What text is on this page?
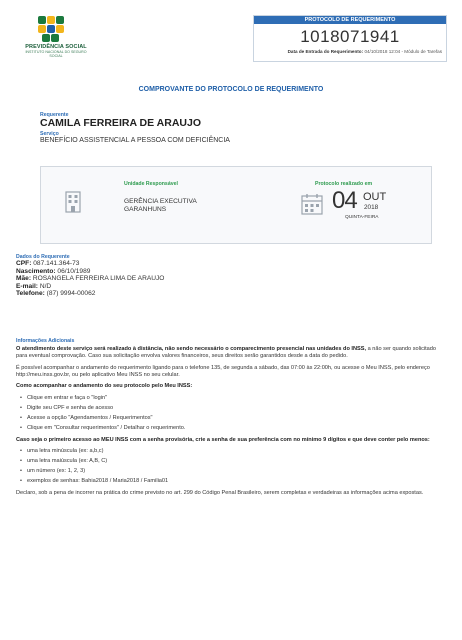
PREVIDÊNCIA SOCIAL
INSTITUTO NACIONAL DO SEGURO SOCIAL
PROTOCOLO DE REQUERIMENTO
1018071941
Data de Entrada do Requerimento: 04/10/2018 12:04 - Módulo de Tarefas
COMPROVANTE DO PROTOCOLO DE REQUERIMENTO
Requerente
CAMILA FERREIRA DE ARAUJO
Serviço
BENEFÍCIO ASSISTENCIAL A PESSOA COM DEFICIÊNCIA
Unidade Responsável
GERÊNCIA EXECUTIVA
GARANHUNS
Protocolo realizado em
04 OUT
2018
QUINTA-FEIRA
Dados do Requerente
CPF: 087.141.364-73
Nascimento: 06/10/1989
Mãe: ROSANGELA FERREIRA LIMA DE ARAUJO
E-mail: N/D
Telefone: (87) 9994-00062
Informações Adicionais

O atendimento deste serviço será realizado à distância, não sendo necessário o comparecimento presencial nas unidades do INSS, a não ser quando solicitado para eventual comprovação. Caso sua solicitação envolva valores financeiros, seus direitos serão garantidos desde a data do pedido.

É possível acompanhar o andamento do requerimento ligando para o telefone 135, de segunda a sábado, das 07:00 às 22:00h, ou acesse o Meu INSS, pelo endereço http://meu.inss.gov.br, ou pelo aplicativo Meu INSS no seu celular.

Como acompanhar o andamento do seu protocolo pelo Meu INSS:

• Clique em entrar e faça o "login"
• Digite seu CPF e senha de acesso
• Acesse a opção "Agendamentos / Requerimentos"
• Clique em "Consultar requerimentos" / Detalhar o requerimento.

Caso seja o primeiro acesso ao MEU INSS com a senha provisória, crie a senha de sua preferência com no mínimo 9 dígitos e que deve conter pelo menos:

• uma letra minúscula (ex: a,b,c)
• uma letra maiúscula (ex: A,B, C)
• um número (ex: 1, 2, 3)
• exemplos de senhas: Bahia2018 / Maria2018 / Familia01

Declaro, sob a pena de incorrer na prática do crime previsto no art. 299 do Código Penal Brasileiro, serem completas e verdadeiras as informações acima expostas.
